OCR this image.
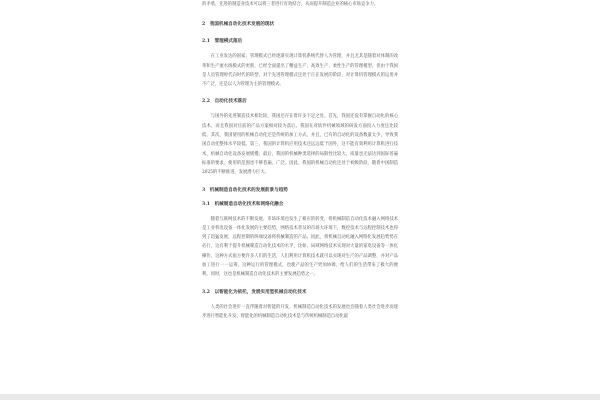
的矛盾。先进的制造业技术可以将三者进行有效结合，从而提升制造企业的核心市场竞争力。

2　我国机械自动化技术发展的现状

2.1　管理模式落后

在工业发达的国家，管理模式已经逐渐实现计算机系统代替人为管理，并且尤其是随着对体制的改革和生产流水线模式的更新，已经全面提出了精益生产、高效生产、柔性生产的管理模型。但由于我国是人员管理时代向时代的转型，对于先进管理模式还处于正在发展的阶段，对计算机管理模式的运用并不广泛，还是以人为管理为主的管理模式。

2.2　自动化技术落后

与国外的先进制造技术相比较，我国还存在着许多不足之处。首先，我国还没有掌握自动化的核心技术，而且我国对目前的产品方案相对较为落后。我国在对软件机械领域的研发方面投入力度还比较低，其次，我国使用的机械自动化还是传统的加工方式，并且，已有的自动化的设备数量太少，导致我国自动化整体水平较低。第三，我国的计算机应用技术还远远低于国外，这不能有效利用计算机进行技术，机械自动化设备发展缓慢；最后，我国的机械种类选择的局限性比较大，质量也无法达到国际普遍标准的要求，使用的范围也不够普遍，广泛。因此，我国的机械自动化还处于初级阶段，随着中国制造2025的不断推进，发展潜力巨大。

3　机械制造自动化技术的发展前景与趋势

3.1　机械制造自动化技术和网络化融合

随着互联网技术的不断发展，市场环境也发生了相应的转变，将机械制造自动化技术融入网络技术是工业机电设备一体化发展的主要趋势，网络技术普及的市场大环境下，数控技术与远程控制技术也得到了迅猛发展，远程控制的终端设备将机械制造的产品。因此，将机械自动化融入网络化发展趋势势在必行，这有利于提升机械制造自动化技术的水平，比如，局域网络技术实现对大量的家电设备等一体化操作，这种方式很方便许多人们的生活，人们利用计算机技术就可以实现对生产的产品调整，并对产品加工进行一一运筹，这种运行的管理模式，也使产品的生产更加协调，给人们的生活带来了极大的便利。同时，这也是机械制造自动化技术的主要发展趋势之一。

3.2　以智能化为依托，发展实用型机械自动化技术

人类的社会进步一直伴随着对智能的开发。机械制造自动化技术的发展也会随着人类社会进步而逐步进行智能化开发，智能化的机械制造自动化技术是与传统机械制造自动化最
